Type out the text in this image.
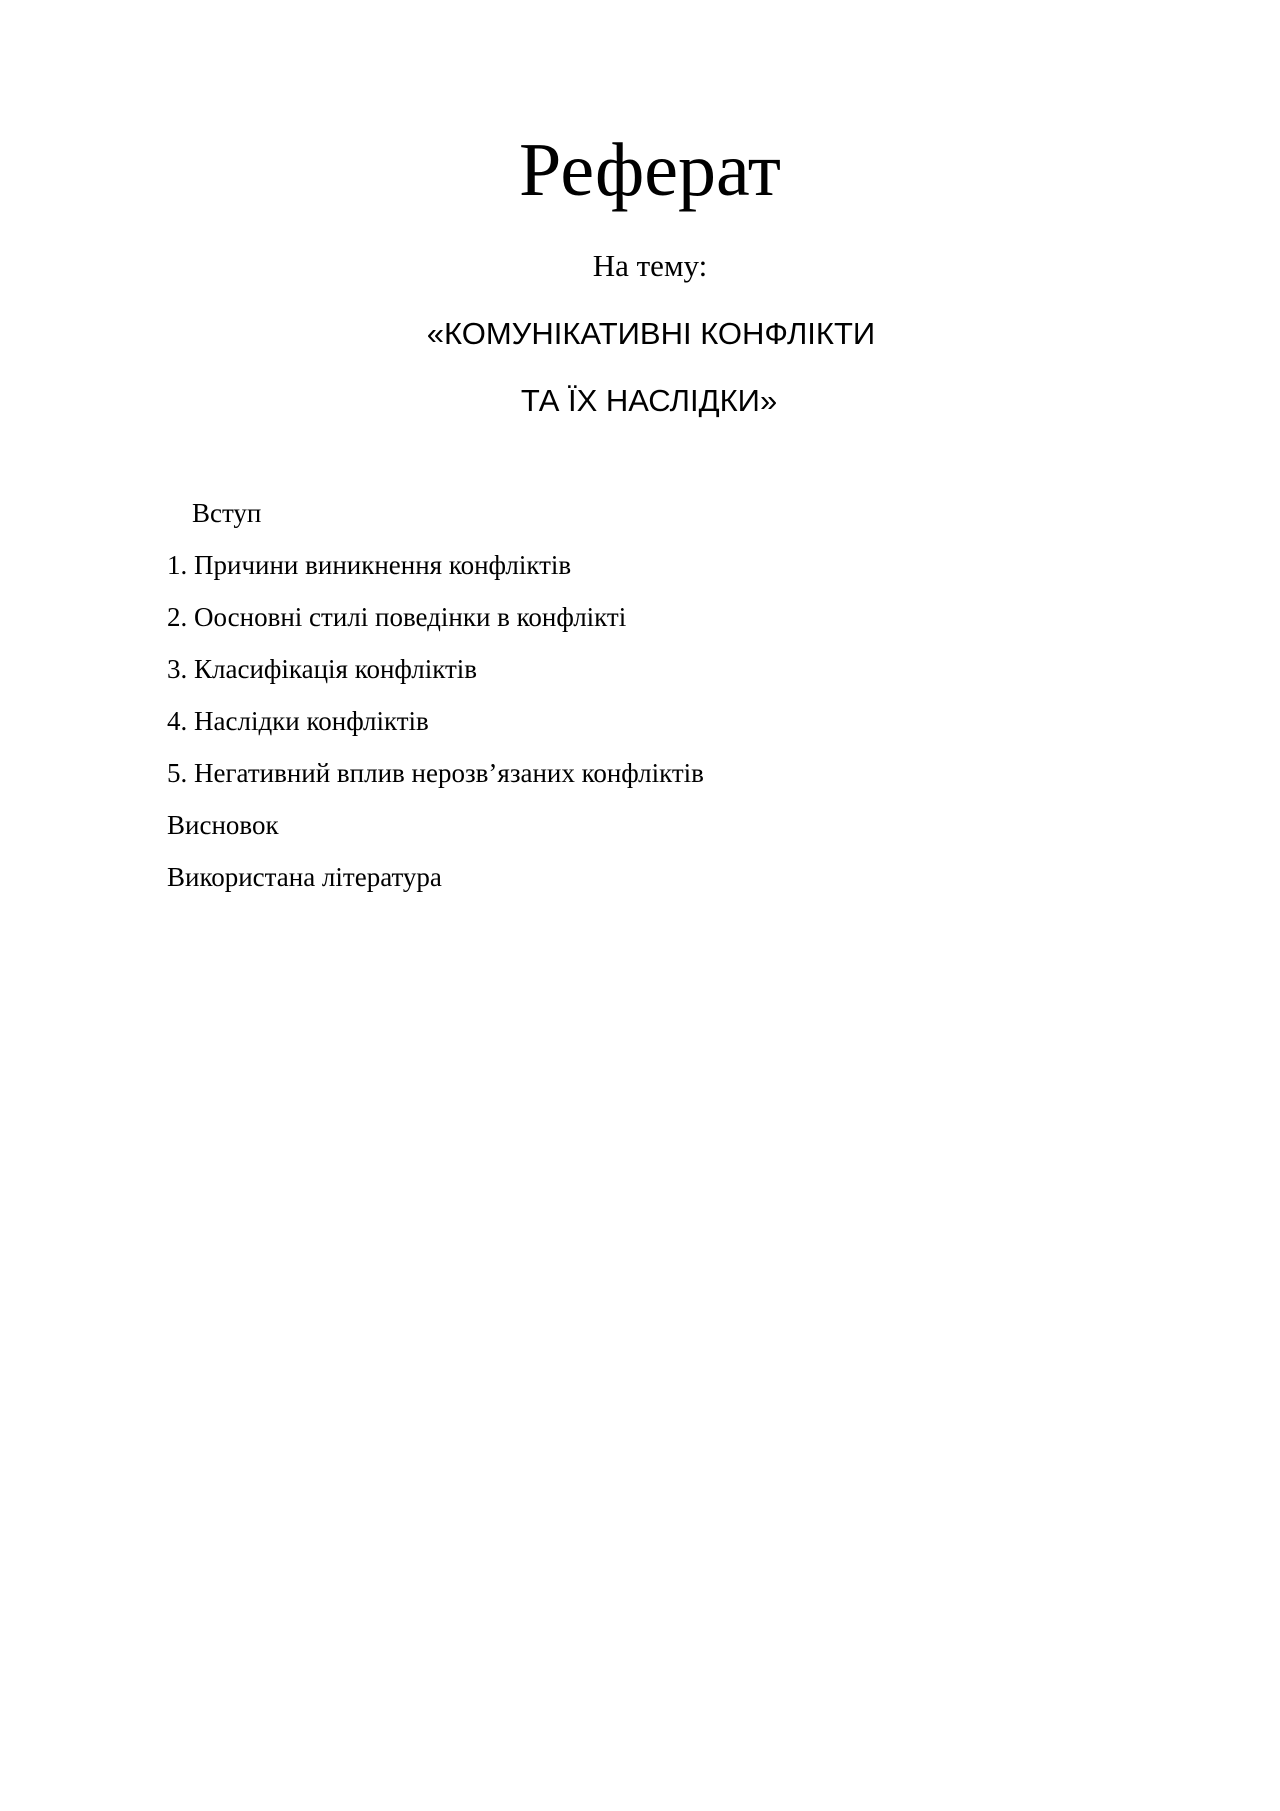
Реферат
На тему:
«КОМУНІКАТИВНІ КОНФЛІКТИ
ТА ЇХ НАСЛІДКИ»
Вступ
1. Причини виникнення конфліктів
2. Оосновні стилі поведінки в конфлікті
3. Класифікація конфліктів
4. Наслідки конфліктів
5. Негативний вплив нерозв’язаних конфліктів
Висновок
Використана література
